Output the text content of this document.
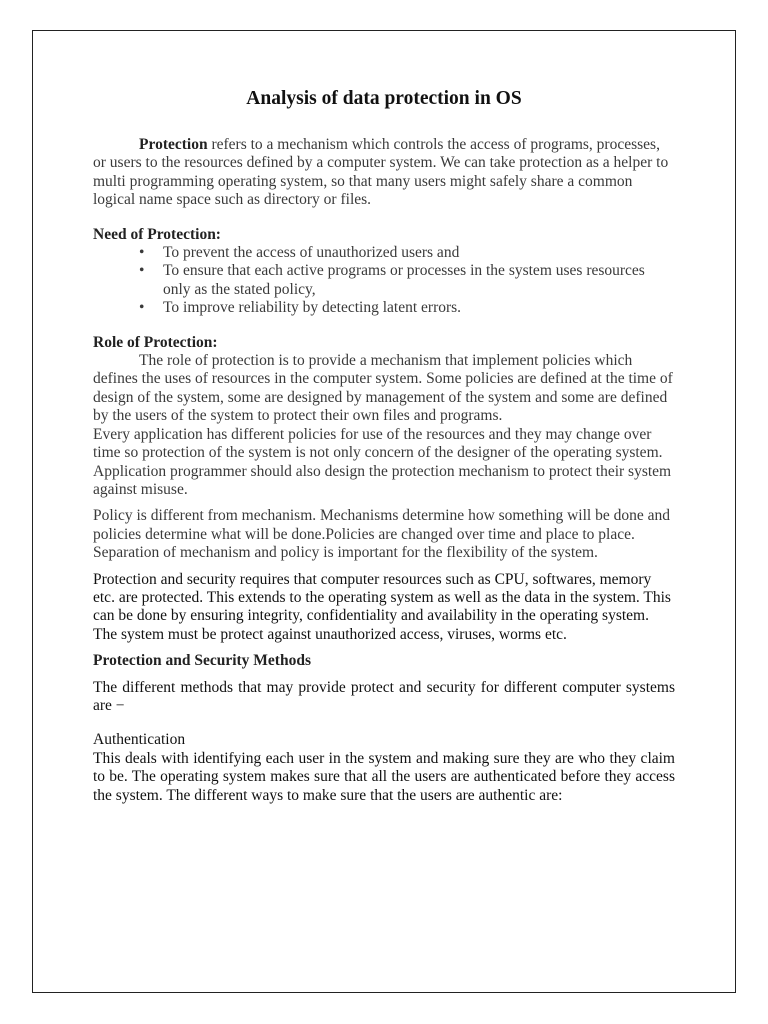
Analysis of data protection in OS

Protection refers to a mechanism which controls the access of programs, processes, or users to the resources defined by a computer system. We can take protection as a helper to multi programming operating system, so that many users might safely share a common logical name space such as directory or files.

Need of Protection:

• To prevent the access of unauthorized users and
• To ensure that each active programs or processes in the system uses resources only as the stated policy,
• To improve reliability by detecting latent errors.

Role of Protection:

The role of protection is to provide a mechanism that implement policies which defines the uses of resources in the computer system. Some policies are defined at the time of design of the system, some are designed by management of the system and some are defined by the users of the system to protect their own files and programs.

Every application has different policies for use of the resources and they may change over time so protection of the system is not only concern of the designer of the operating system. Application programmer should also design the protection mechanism to protect their system against misuse.

Policy is different from mechanism. Mechanisms determine how something will be done and policies determine what will be done.Policies are changed over time and place to place. Separation of mechanism and policy is important for the flexibility of the system.

Protection and security requires that computer resources such as CPU, softwares, memory etc. are protected. This extends to the operating system as well as the data in the system. This can be done by ensuring integrity, confidentiality and availability in the operating system. The system must be protect against unauthorized access, viruses, worms etc.

Protection and Security Methods

The different methods that may provide protect and security for different computer systems are −

Authentication

This deals with identifying each user in the system and making sure they are who they claim to be. The operating system makes sure that all the users are authenticated before they access the system. The different ways to make sure that the users are authentic are:
